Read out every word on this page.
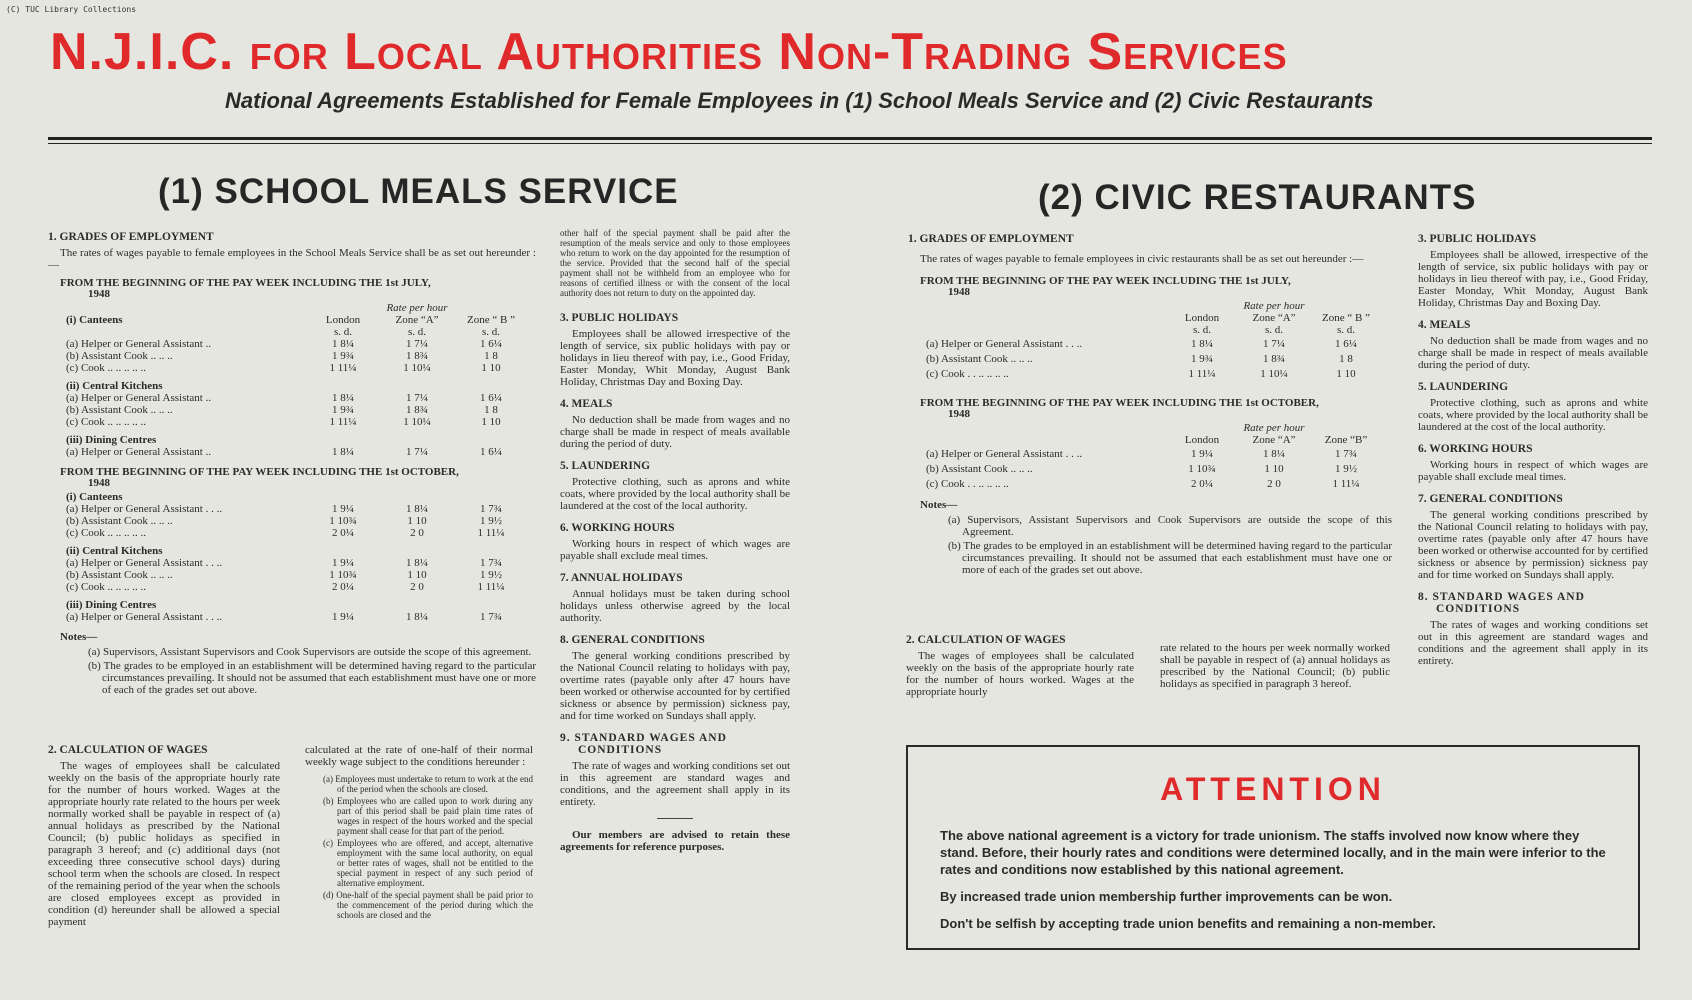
(C) TUC Library Collections
N.J.I.C. for Local Authorities Non-Trading Services
National Agreements Established for Female Employees in (1) School Meals Service and (2) Civic Restaurants
(1) SCHOOL MEALS SERVICE
1. GRADES OF EMPLOYMENT

The rates of wages payable to female employees in the School Meals Service shall be as set out hereunder :—

FROM THE BEGINNING OF THE PAY WEEK INCLUDING THE 1st JULY,
1948
	Rate per hour		
(i) Canteens	London	Zone “A”	Zone “ B ”
	s. d.	s. d.	s. d.
(a) Helper or General Assistant ..	1 8¼	1 7¼	1 6¼
(b) Assistant Cook .. .. ..	1 9¾	1 8¾	1 8
(c) Cook .. .. .. .. ..	1 11¼	1 10¼	1 10
(ii) Central Kitchens			
(a) Helper or General Assistant ..	1 8¼	1 7¼	1 6¼
(b) Assistant Cook .. .. ..	1 9¾	1 8¾	1 8
(c) Cook .. .. .. .. ..	1 11¼	1 10¼	1 10
(iii) Dining Centres			
(a) Helper or General Assistant ..	1 8¼	1 7¼	1 6¼
FROM THE BEGINNING OF THE PAY WEEK INCLUDING THE 1st OCTOBER,
1948
(i) Canteens			
(a) Helper or General Assistant . . ..	1 9¼	1 8¼	1 7¾
(b) Assistant Cook .. .. ..	1 10¾	1 10	1 9½
(c) Cook .. .. .. .. ..	2 0¼	2 0	1 11¼
(ii) Central Kitchens			
(a) Helper or General Assistant . . ..	1 9¼	1 8¼	1 7¾
(b) Assistant Cook .. .. ..	1 10¾	1 10	1 9½
(c) Cook .. .. .. .. ..	2 0¼	2 0	1 11¼
(iii) Dining Centres			
(a) Helper or General Assistant . . ..	1 9¼	1 8¼	1 7¾
Notes—
(a) Supervisors, Assistant Supervisors and Cook Supervisors are outside the scope of this agreement.
(b) The grades to be employed in an establishment will be determined having regard to the particular circumstances prevailing. It should not be assumed that each establishment must have one or more of each of the grades set out above.
2. CALCULATION OF WAGES

The wages of employees shall be calculated weekly on the basis of the appropriate hourly rate for the number of hours worked. Wages at the appropriate hourly rate related to the hours per week normally worked shall be payable in respect of (a) annual holidays as prescribed by the National Council; (b) public holidays as specified in paragraph 3 hereof; and (c) additional days (not exceeding three consecutive school days) during school term when the schools are closed. In respect of the remaining period of the year when the schools are closed employees except as provided in condition (d) hereunder shall be allowed a special payment

calculated at the rate of one-half of their normal weekly wage subject to the conditions hereunder :

(a) Employees must undertake to return to work at the end of the period when the schools are closed.
(b) Employees who are called upon to work during any part of this period shall be paid plain time rates of wages in respect of the hours worked and the special payment shall cease for that part of the period.
(c) Employees who are offered, and accept, alternative employment with the same local authority, on equal or better rates of wages, shall not be entitled to the special payment in respect of any such period of alternative employment.
(d) One-half of the special payment shall be paid prior to the commencement of the period during which the schools are closed and the

other half of the special payment shall be paid after the resumption of the meals service and only to those employees who return to work on the day appointed for the resumption of the service. Provided that the second half of the special payment shall not be withheld from an employee who for reasons of certified illness or with the consent of the local authority does not return to duty on the appointed day.

3. PUBLIC HOLIDAYS

Employees shall be allowed irrespective of the length of service, six public holidays with pay or holidays in lieu thereof with pay, i.e., Good Friday, Easter Monday, Whit Monday, August Bank Holiday, Christmas Day and Boxing Day.

4. MEALS

No deduction shall be made from wages and no charge shall be made in respect of meals available during the period of duty.

5. LAUNDERING

Protective clothing, such as aprons and white coats, where provided by the local authority shall be laundered at the cost of the local authority.

6. WORKING HOURS

Working hours in respect of which wages are payable shall exclude meal times.

7. ANNUAL HOLIDAYS

Annual holidays must be taken during school holidays unless otherwise agreed by the local authority.

8. GENERAL CONDITIONS

The general working conditions prescribed by the National Council relating to holidays with pay, overtime rates (payable only after 47 hours have been worked or otherwise accounted for by certified sickness or absence by permission) sickness pay, and for time worked on Sundays shall apply.

9. STANDARD WAGES AND
CONDITIONS

The rate of wages and working conditions set out in this agreement are standard wages and conditions, and the agreement shall apply in its entirety.

Our members are advised to retain these agreements for reference purposes.

(2) CIVIC RESTAURANTS
1. GRADES OF EMPLOYMENT

The rates of wages payable to female employees in civic restaurants shall be as set out hereunder :—

FROM THE BEGINNING OF THE PAY WEEK INCLUDING THE 1st JULY,
1948
	Rate per hour		
	London	Zone “A”	Zone “ B ”
	s. d.	s. d.	s. d.
(a) Helper or General Assistant . . ..	1 8¼	1 7¼	1 6¼
(b) Assistant Cook .. .. ..	1 9¾	1 8¾	1 8
(c) Cook . . .. .. .. ..	1 11¼	1 10¼	1 10
FROM THE BEGINNING OF THE PAY WEEK INCLUDING THE 1st OCTOBER,
1948
	Rate per hour		
	London	Zone “A”	Zone “B”
(a) Helper or General Assistant . . ..	1 9¼	1 8¼	1 7¾
(b) Assistant Cook .. .. ..	1 10¾	1 10	1 9½
(c) Cook . . .. .. .. ..	2 0¼	2 0	1 11¼
Notes—
(a) Supervisors, Assistant Supervisors and Cook Supervisors are outside the scope of this Agreement.
(b) The grades to be employed in an establishment will be determined having regard to the particular circumstances prevailing. It should not be assumed that each establishment must have one or more of each of the grades set out above.
2. CALCULATION OF WAGES

The wages of employees shall be calculated weekly on the basis of the appropriate hourly rate for the number of hours worked. Wages at the appropriate hourly

rate related to the hours per week normally worked shall be payable in respect of (a) annual holidays as prescribed by the National Council; (b) public holidays as specified in paragraph 3 hereof.

3. PUBLIC HOLIDAYS

Employees shall be allowed, irrespective of the length of service, six public holidays with pay or holidays in lieu thereof with pay, i.e., Good Friday, Easter Monday, Whit Monday, August Bank Holiday, Christmas Day and Boxing Day.

4. MEALS

No deduction shall be made from wages and no charge shall be made in respect of meals available during the period of duty.

5. LAUNDERING

Protective clothing, such as aprons and white coats, where provided by the local authority shall be laundered at the cost of the local authority.

6. WORKING HOURS

Working hours in respect of which wages are payable shall exclude meal times.

7. GENERAL CONDITIONS

The general working conditions prescribed by the National Council relating to holidays with pay, overtime rates (payable only after 47 hours have been worked or otherwise accounted for by certified sickness or absence by permission) sickness pay and for time worked on Sundays shall apply.

8. STANDARD WAGES AND
CONDITIONS

The rates of wages and working conditions set out in this agreement are standard wages and conditions and the agreement shall apply in its entirety.

ATTENTION

The above national agreement is a victory for trade unionism. The staffs involved now know where they stand. Before, their hourly rates and conditions were determined locally, and in the main were inferior to the rates and conditions now established by this national agreement.

By increased trade union membership further improvements can be won.

Don't be selfish by accepting trade union benefits and remaining a non-member.
